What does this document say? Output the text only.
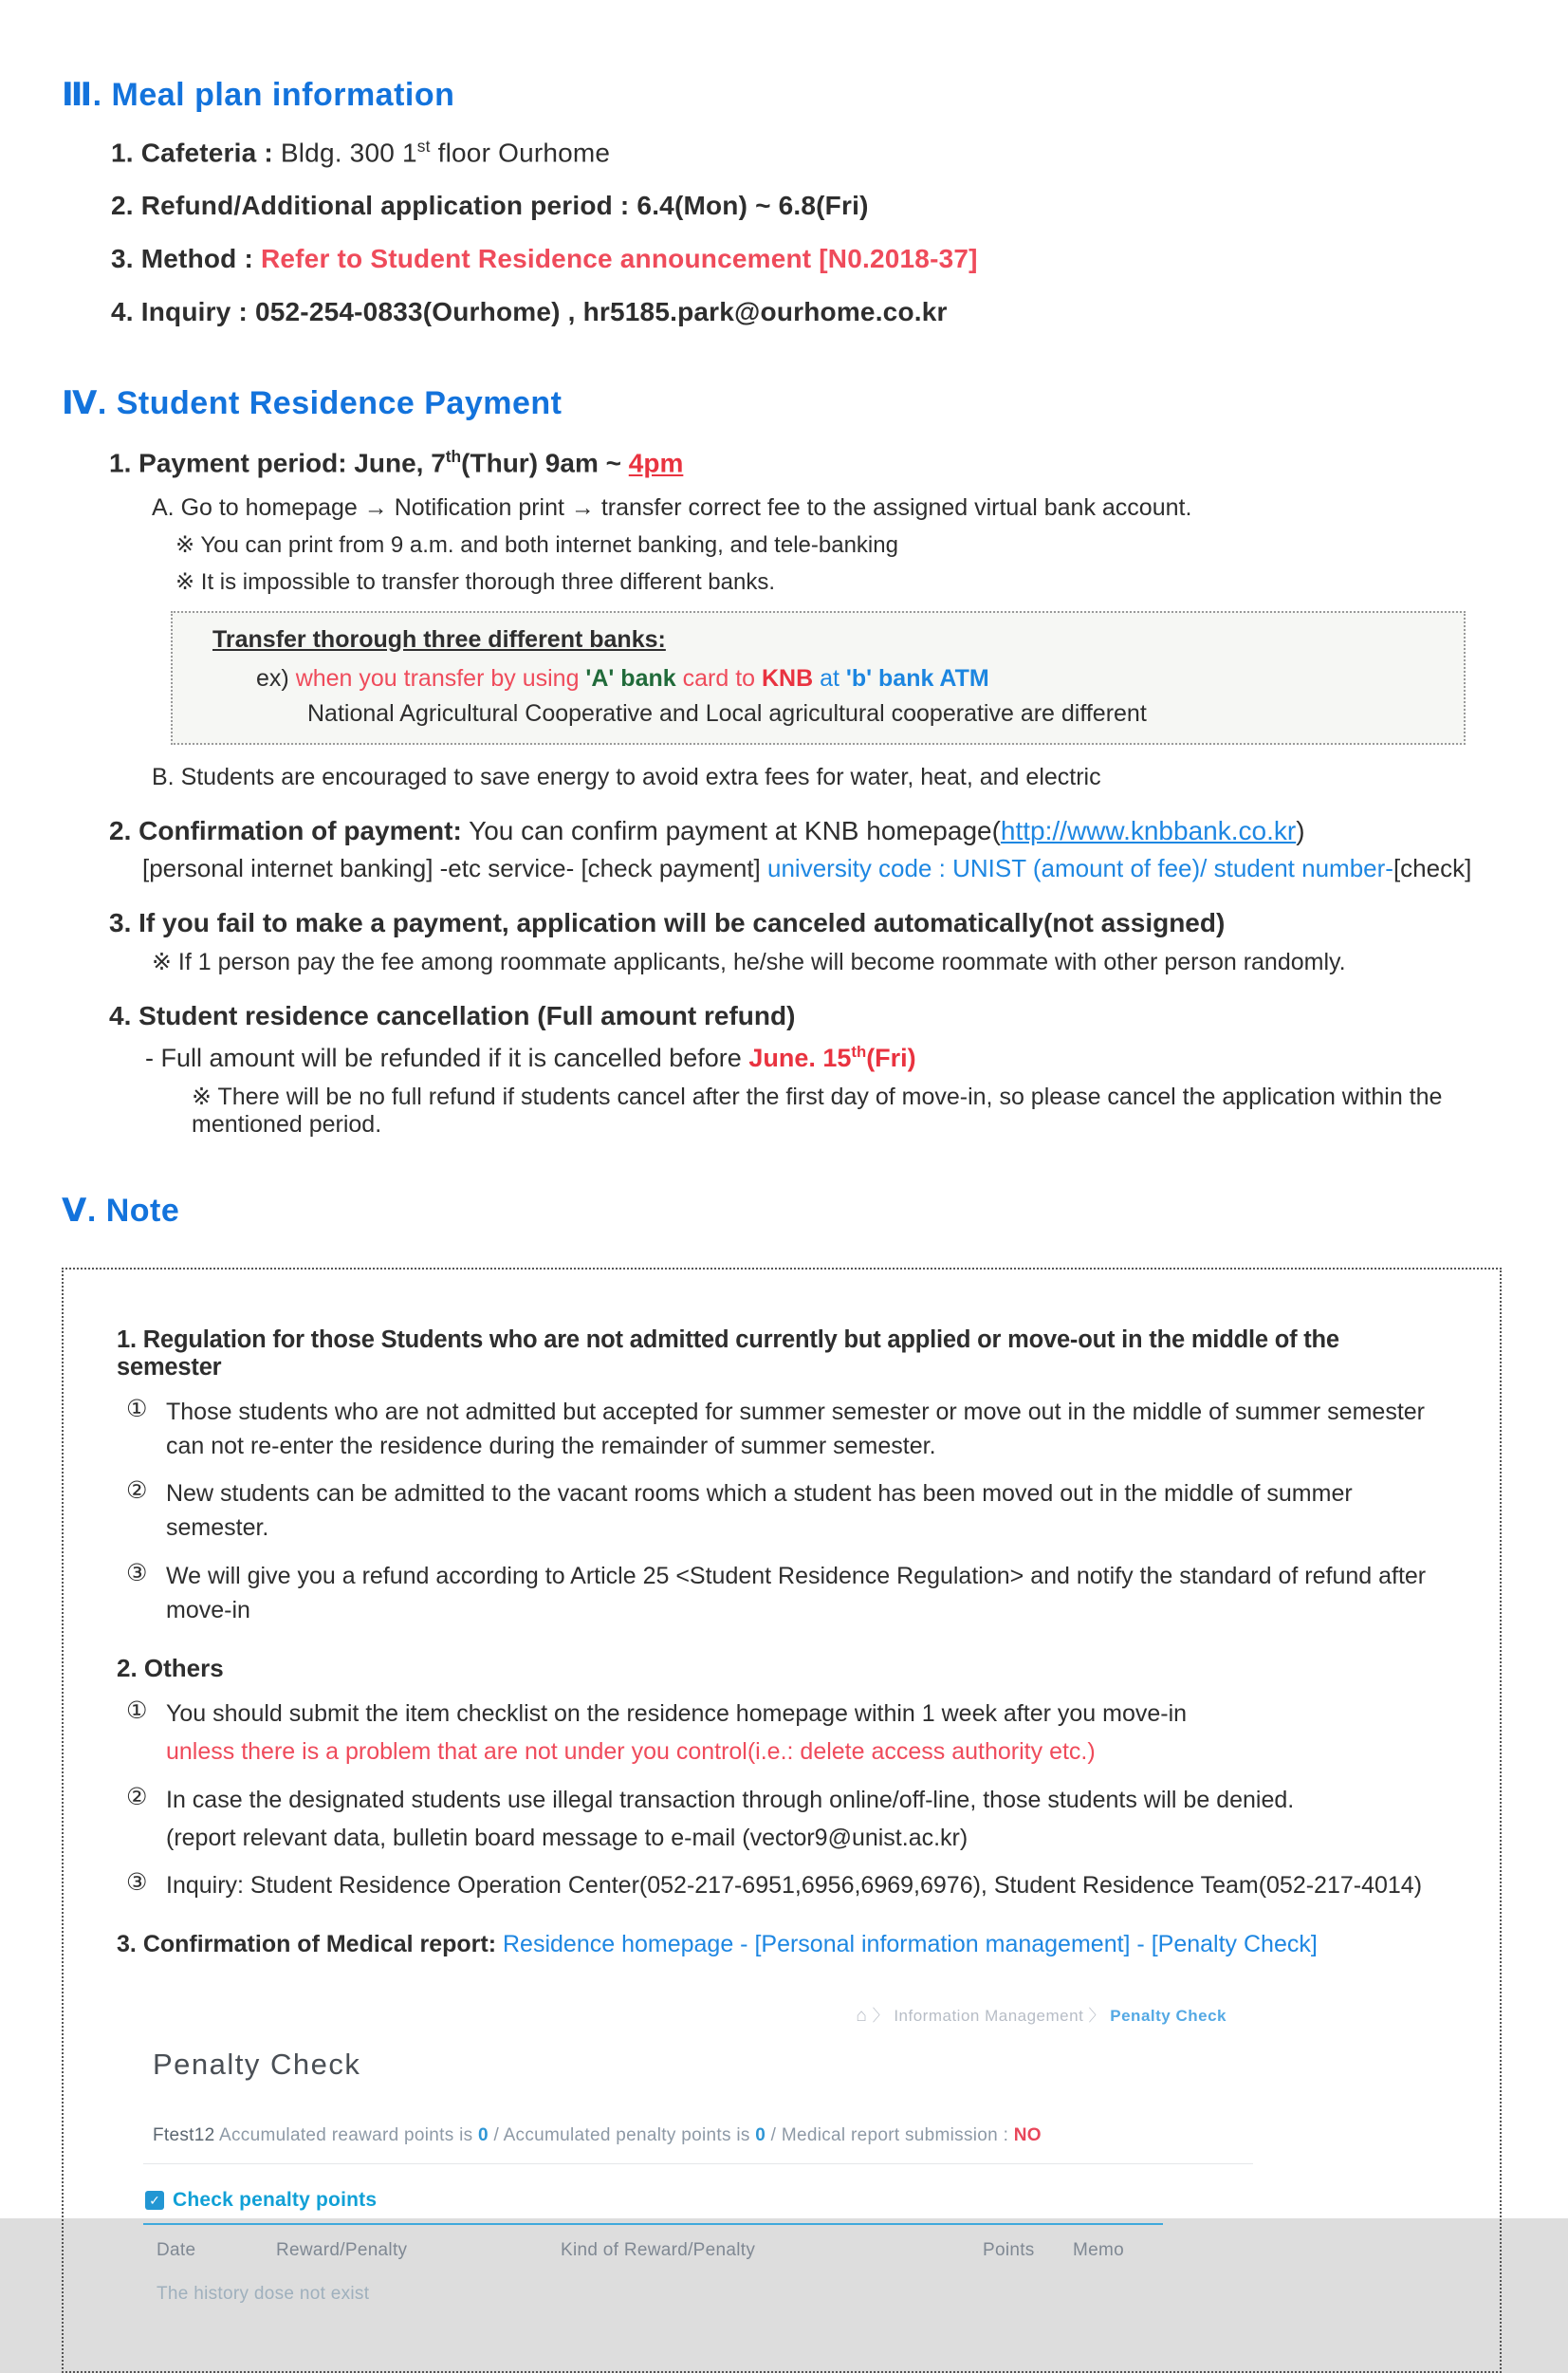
Ⅲ. Meal plan information
1. Cafeteria : Bldg. 300 1st floor Ourhome
2. Refund/Additional application period : 6.4(Mon) ~ 6.8(Fri)
3. Method : Refer to Student Residence announcement [N0.2018-37]
4. Inquiry : 052-254-0833(Ourhome) , hr5185.park@ourhome.co.kr
Ⅳ. Student Residence Payment
1. Payment period: June, 7th(Thur) 9am ~ 4pm
A. Go to homepage → Notification print → transfer correct fee to the assigned virtual bank account.
※ You can print from 9 a.m. and both internet banking, and tele-banking
※ It is impossible to transfer thorough three different banks.
Transfer thorough three different banks:
ex) when you transfer by using 'A' bank card to KNB at 'b' bank ATM
National Agricultural Cooperative and Local agricultural cooperative are different
B. Students are encouraged to save energy to avoid extra fees for water, heat, and electric
2. Confirmation of payment: You can confirm payment at KNB homepage(http://www.knbbank.co.kr)
[personal internet banking] -etc service- [check payment] university code : UNIST (amount of fee)/ student number-[check]
3. If you fail to make a payment, application will be canceled automatically(not assigned)
※ If 1 person pay the fee among roommate applicants, he/she will become roommate with other person randomly.
4. Student residence cancellation (Full amount refund)
- Full amount will be refunded if it is cancelled before June. 15th(Fri)
※ There will be no full refund if students cancel after the first day of move-in, so please cancel the application within the mentioned period.
Ⅴ. Note
1. Regulation for those Students who are not admitted currently but applied or move-out in the middle of the semester
① Those students who are not admitted but accepted for summer semester or move out in the middle of summer semester can not re-enter the residence during the remainder of summer semester.
② New students can be admitted to the vacant rooms which a student has been moved out in the middle of summer semester.
③ We will give you a refund according to Article 25 <Student Residence Regulation> and notify the standard of refund after move-in
2. Others
① You should submit the item checklist on the residence homepage within 1 week after you move-in
unless there is a problem that are not under you control(i.e.: delete access authority etc.)
② In case the designated students use illegal transaction through online/off-line, those students will be denied.
(report relevant data, bulletin board message to e-mail (vector9@unist.ac.kr)
③ Inquiry: Student Residence Operation Center(052-217-6951,6956,6969,6976), Student Residence Team(052-217-4014)
3. Confirmation of Medical report: Residence homepage - [Personal information management] - [Penalty Check]
⌂ 〉 Information Management 〉 Penalty Check
Penalty Check
Ftest12 Accumulated reaward points is 0 / Accumulated penalty points is 0 / Medical report submission : NO
✓ Check penalty points
Date	Reward/Penalty	Kind of Reward/Penalty	Points	Memo
The history dose not exist
